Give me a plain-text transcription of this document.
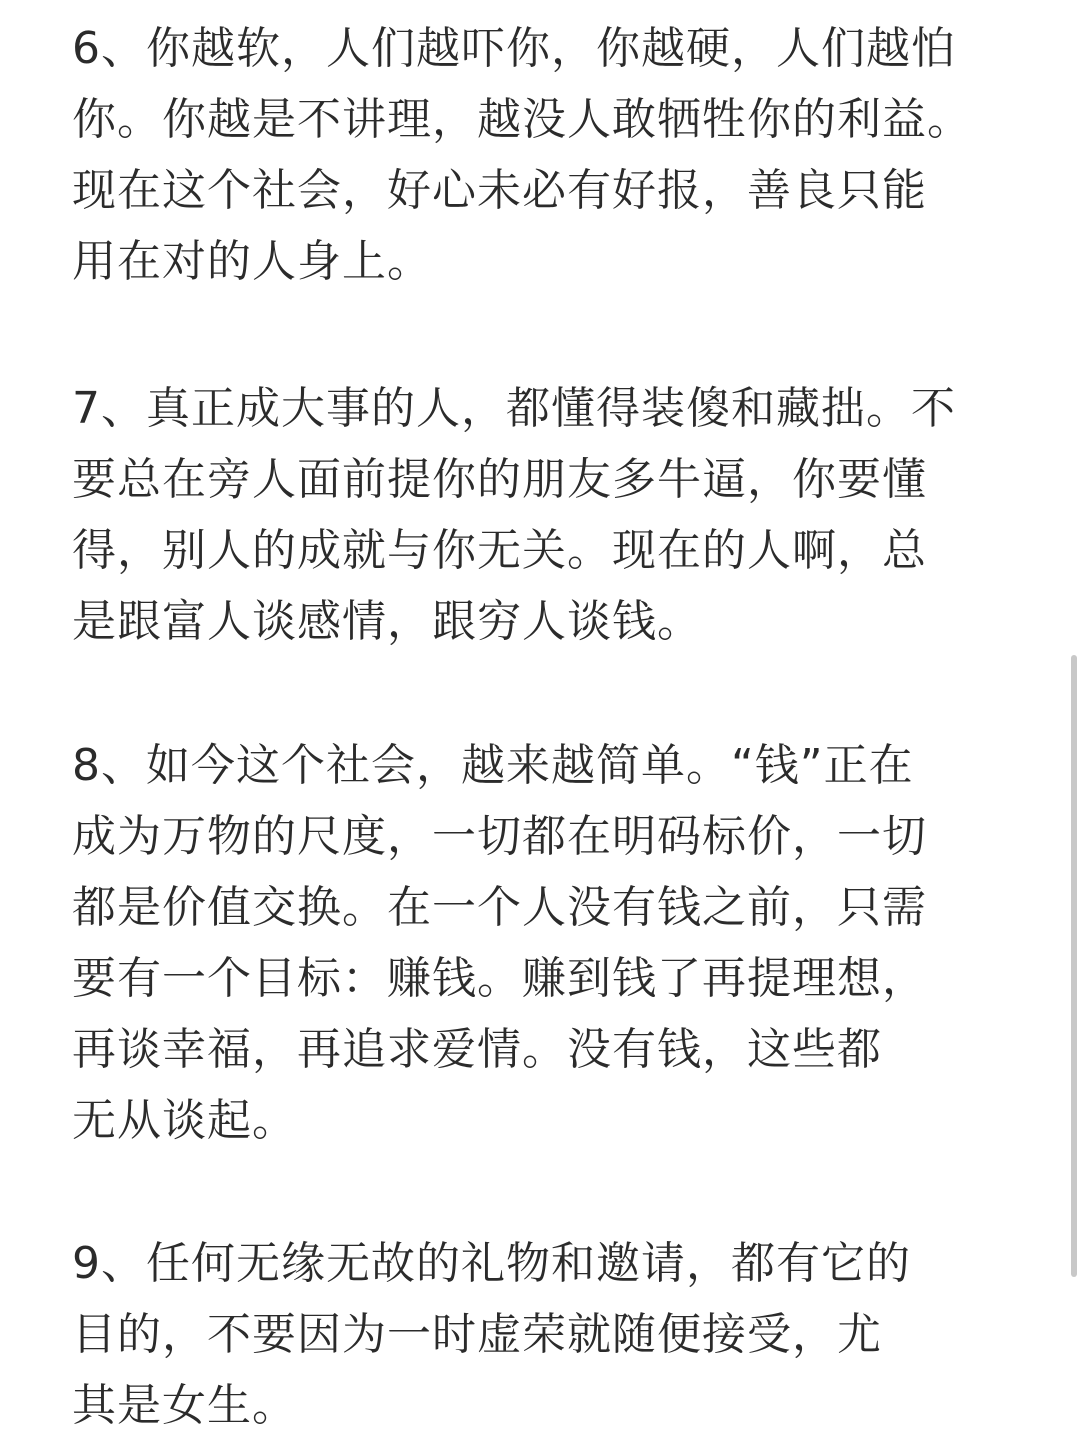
6、你越软，人们越吓你，你越硬，人们越怕
你。你越是不讲理，越没人敢牺牲你的利益。
现在这个社会，好心未必有好报，善良只能
用在对的人身上。
7、真正成大事的人，都懂得装傻和藏拙。不
要总在旁人面前提你的朋友多牛逼，你要懂
得，别人的成就与你无关。现在的人啊，总
是跟富人谈感情，跟穷人谈钱。
8、如今这个社会，越来越简单。“钱”正在
成为万物的尺度，一切都在明码标价，一切
都是价值交换。在一个人没有钱之前，只需
要有一个目标：赚钱。赚到钱了再提理想，
再谈幸福，再追求爱情。没有钱，这些都
无从谈起。
9、任何无缘无故的礼物和邀请，都有它的
目的，不要因为一时虚荣就随便接受，尤
其是女生。
